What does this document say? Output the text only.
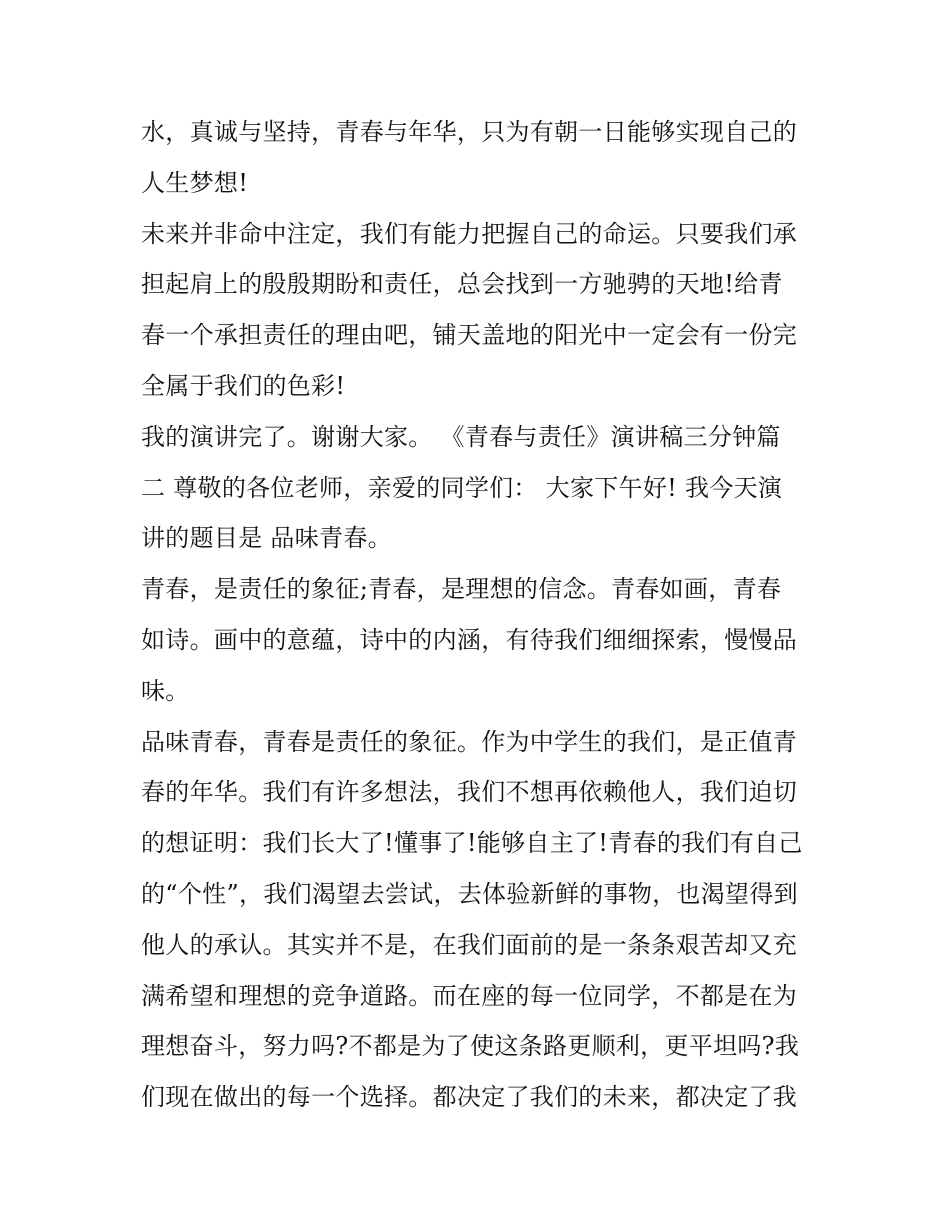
水，真诚与坚持，青春与年华，只为有朝一日能够实现自己的
人生梦想!
未来并非命中注定，我们有能力把握自己的命运。只要我们承
担起肩上的殷殷期盼和责任，总会找到一方驰骋的天地!给青
春一个承担责任的理由吧，铺天盖地的阳光中一定会有一份完
全属于我们的色彩!
我的演讲完了。谢谢大家。 《青春与责任》演讲稿三分钟篇
二 尊敬的各位老师，亲爱的同学们： 大家下午好! 我今天演
讲的题目是 品味青春。
青春，是责任的象征;青春，是理想的信念。青春如画，青春
如诗。画中的意蕴，诗中的内涵，有待我们细细探索，慢慢品
味。
品味青春，青春是责任的象征。作为中学生的我们，是正值青
春的年华。我们有许多想法，我们不想再依赖他人，我们迫切
的想证明：我们长大了!懂事了!能够自主了!青春的我们有自己
的“个性”，我们渴望去尝试，去体验新鲜的事物，也渴望得到
他人的承认。其实并不是，在我们面前的是一条条艰苦却又充
满希望和理想的竞争道路。而在座的每一位同学，不都是在为
理想奋斗，努力吗?不都是为了使这条路更顺利，更平坦吗?我
们现在做出的每一个选择。都决定了我们的未来，都决定了我
